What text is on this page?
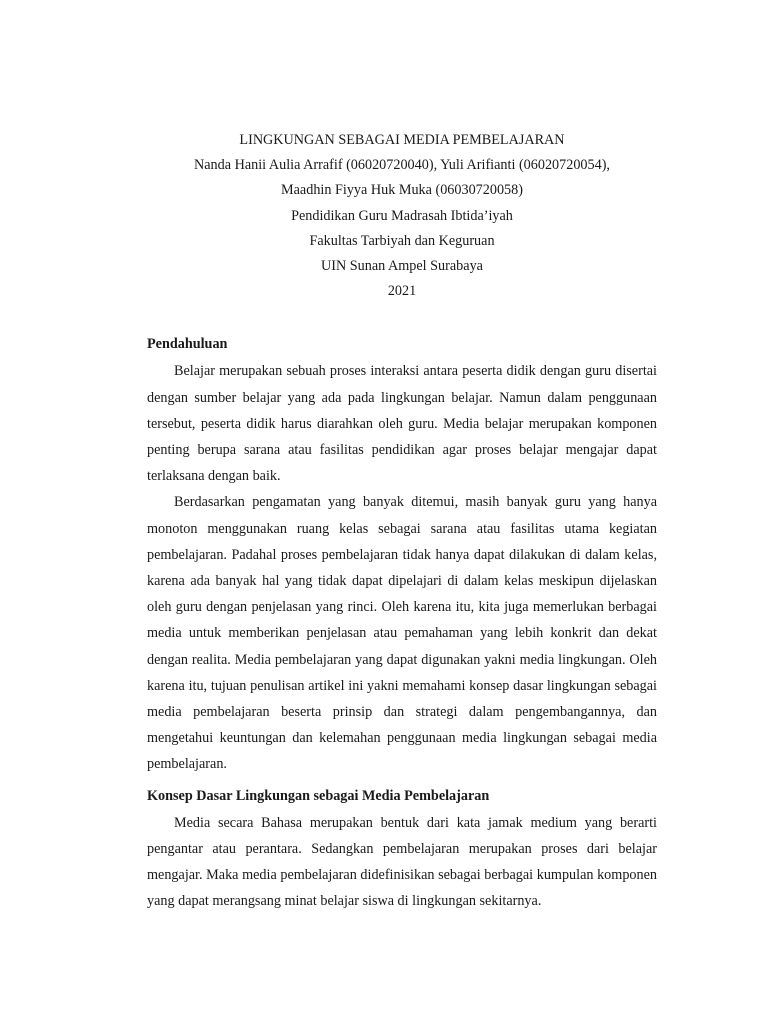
LINGKUNGAN SEBAGAI MEDIA PEMBELAJARAN
Nanda Hanii Aulia Arrafif (06020720040), Yuli Arifianti (06020720054),
Maadhin Fiyya Huk Muka (06030720058)
Pendidikan Guru Madrasah Ibtida’iyah
Fakultas Tarbiyah dan Keguruan
UIN Sunan Ampel Surabaya
2021
Pendahuluan

Belajar merupakan sebuah proses interaksi antara peserta didik dengan guru disertai dengan sumber belajar yang ada pada lingkungan belajar. Namun dalam penggunaan tersebut, peserta didik harus diarahkan oleh guru. Media belajar merupakan komponen penting berupa sarana atau fasilitas pendidikan agar proses belajar mengajar dapat terlaksana dengan baik.

Berdasarkan pengamatan yang banyak ditemui, masih banyak guru yang hanya monoton menggunakan ruang kelas sebagai sarana atau fasilitas utama kegiatan pembelajaran. Padahal proses pembelajaran tidak hanya dapat dilakukan di dalam kelas, karena ada banyak hal yang tidak dapat dipelajari di dalam kelas meskipun dijelaskan oleh guru dengan penjelasan yang rinci. Oleh karena itu, kita juga memerlukan berbagai media untuk memberikan penjelasan atau pemahaman yang lebih konkrit dan dekat dengan realita. Media pembelajaran yang dapat digunakan yakni media lingkungan. Oleh karena itu, tujuan penulisan artikel ini yakni memahami konsep dasar lingkungan sebagai media pembelajaran beserta prinsip dan strategi dalam pengembangannya, dan mengetahui keuntungan dan kelemahan penggunaan media lingkungan sebagai media pembelajaran.

Konsep Dasar Lingkungan sebagai Media Pembelajaran

Media secara Bahasa merupakan bentuk dari kata jamak medium yang berarti pengantar atau perantara. Sedangkan pembelajaran merupakan proses dari belajar mengajar. Maka media pembelajaran didefinisikan sebagai berbagai kumpulan komponen yang dapat merangsang minat belajar siswa di lingkungan sekitarnya.
